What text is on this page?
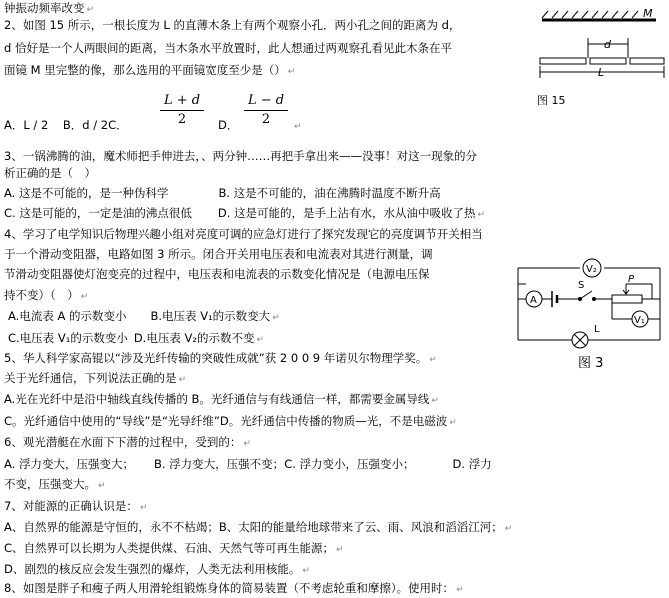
钟振动频率改变 ↵
2、如图 15 所示，一根长度为 L 的直薄木条上有两个观察小孔．两小孔之间的距离为 d，
d 恰好是一个人两眼间的距离，当木条水平放置时，此人想通过两观察孔看见此木条在平
面镜 M 里完整的像，那么选用的平面镜宽度至少是（） ↵
A．L / 2 B．d / 2C． $\frac{L + d}{2}$ D． $\frac{L - d}{2}$ ↵
3、一锅沸腾的油，魔术师把手伸进去，、两分钟……再把手拿出来——没事！对这一现象的分
析正确的是（　）
A. 这是不可能的，是一种伪科学	B. 这是不可能的，油在沸腾时温度不断升高
C. 这是可能的，一定是油的沸点很低 D. 这是可能的，是手上沾有水，水从油中吸收了热 ↵
4、学习了电学知识后物理兴趣小组对亮度可调的应急灯进行了探究发现它的亮度调节开关相当
于一个滑动变阻器，电路如图 3 所示。闭合开关用电压表和电流表对其进行测量，调
节滑动变阻器使灯泡变亮的过程中，电压表和电流表的示数变化情况是（电源电压保
持不变）（　） ↵
A.电流表 A 的示数变小 B.电压表 V₁的示数变大 ↵
C.电压表 V₁的示数变小 D.电压表 V₂的示数不变 ↵
5、华人科学家高锟以“涉及光纤传输的突破性成就”获 2 0 0 9 年诺贝尔物理学奖。 ↵
关于光纤通信，下列说法正确的是 ↵
A.光在光纤中是沿中轴线直线传播的 B。光纤通信与有线通信一样，都需要金属导线 ↵
C。光纤通信中使用的“导线”是“光导纤维”D。光纤通信中传播的物质—光，不是电磁波 ↵
6、观光潜艇在水面下下潜的过程中，受到的： ↵
A. 浮力变大，压强变大； B. 浮力变大，压强不变；C. 浮力变小，压强变小；	D. 浮力
不变，压强变大。 ↵
7、对能源的正确认识是： ↵
A、自然界的能源是守恒的，永不不枯竭；B、太阳的能量给地球带来了云、雨、风浪和滔滔江河； ↵
C、自然界可以长期为人类提供煤、石油、天然气等可再生能源； ↵
D、剧烈的核反应会发生强烈的爆炸，人类无法利用核能。 ↵
8、如图是胖子和瘦子两人用滑轮组锻炼身体的简易装置（不考虑轮重和摩擦）。使用时： ↵
M
d
L
图 15
V₂
A
S
P
V₁
L
图 3
